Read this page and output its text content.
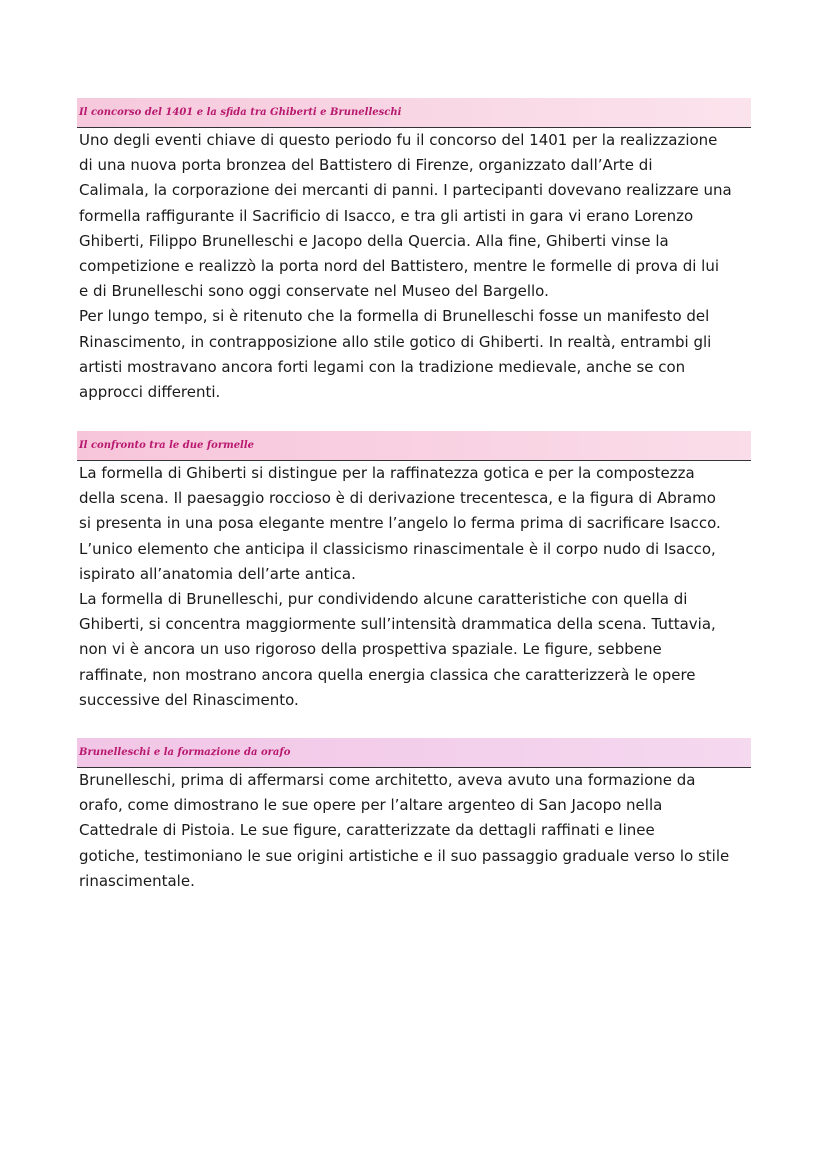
Il concorso del 1401 e la sfida tra Ghiberti e Brunelleschi

Uno degli eventi chiave di questo periodo fu il concorso del 1401 per la realizzazione
di una nuova porta bronzea del Battistero di Firenze, organizzato dall’Arte di
Calimala, la corporazione dei mercanti di panni. I partecipanti dovevano realizzare una
formella raffigurante il Sacrificio di Isacco, e tra gli artisti in gara vi erano Lorenzo
Ghiberti, Filippo Brunelleschi e Jacopo della Quercia. Alla fine, Ghiberti vinse la
competizione e realizzò la porta nord del Battistero, mentre le formelle di prova di lui
e di Brunelleschi sono oggi conservate nel Museo del Bargello.

Per lungo tempo, si è ritenuto che la formella di Brunelleschi fosse un manifesto del
Rinascimento, in contrapposizione allo stile gotico di Ghiberti. In realtà, entrambi gli
artisti mostravano ancora forti legami con la tradizione medievale, anche se con
approcci differenti.

Il confronto tra le due formelle

La formella di Ghiberti si distingue per la raffinatezza gotica e per la compostezza
della scena. Il paesaggio roccioso è di derivazione trecentesca, e la figura di Abramo
si presenta in una posa elegante mentre l’angelo lo ferma prima di sacrificare Isacco.
L’unico elemento che anticipa il classicismo rinascimentale è il corpo nudo di Isacco,
ispirato all’anatomia dell’arte antica.

La formella di Brunelleschi, pur condividendo alcune caratteristiche con quella di
Ghiberti, si concentra maggiormente sull’intensità drammatica della scena. Tuttavia,
non vi è ancora un uso rigoroso della prospettiva spaziale. Le figure, sebbene
raffinate, non mostrano ancora quella energia classica che caratterizzerà le opere
successive del Rinascimento.

Brunelleschi e la formazione da orafo

Brunelleschi, prima di affermarsi come architetto, aveva avuto una formazione da
orafo, come dimostrano le sue opere per l’altare argenteo di San Jacopo nella
Cattedrale di Pistoia. Le sue figure, caratterizzate da dettagli raffinati e linee
gotiche, testimoniano le sue origini artistiche e il suo passaggio graduale verso lo stile
rinascimentale.
